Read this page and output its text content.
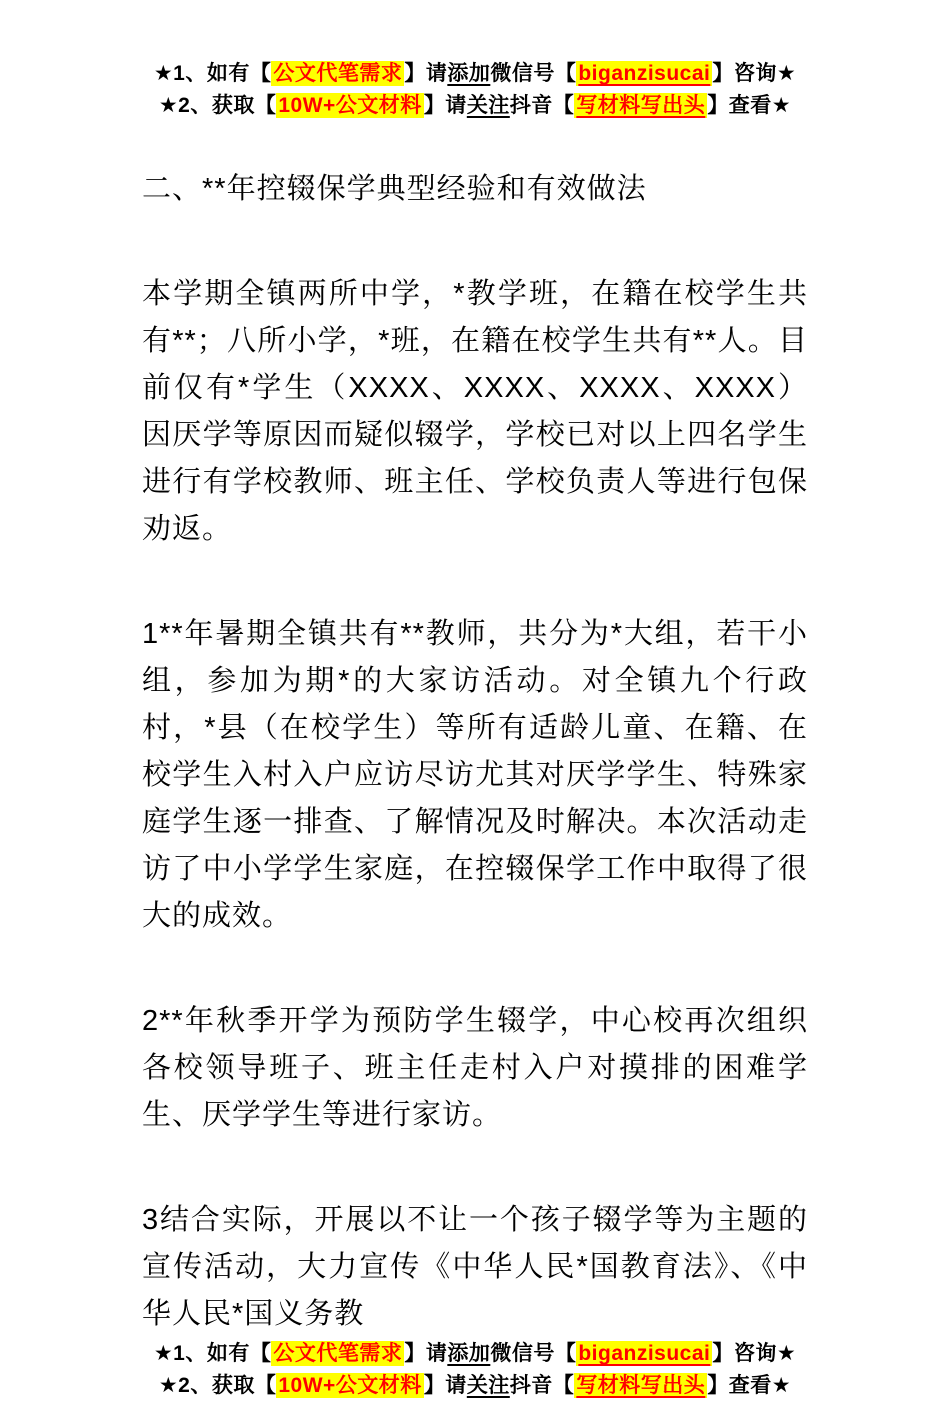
★1、如有【公文代笔需求】请添加微信号【biganzisucai】咨询★
★2、获取【10W+公文材料】请关注抖音【写材料写出头】查看★
二、**年控辍保学典型经验和有效做法

本学期全镇两所中学，*教学班，在籍在校学生共有**；八所小学，*班，在籍在校学生共有**人。目前仅有*学生（XXXX、XXXX、XXXX、XXXX）因厌学等原因而疑似辍学，学校已对以上四名学生进行有学校教师、班主任、学校负责人等进行包保劝返。

1**年暑期全镇共有**教师，共分为*大组，若干小组，参加为期*的大家访活动。对全镇九个行政村，*县（在校学生）等所有适龄儿童、在籍、在校学生入村入户应访尽访尤其对厌学学生、特殊家庭学生逐一排查、了解情况及时解决。本次活动走访了中小学学生家庭，在控辍保学工作中取得了很大的成效。

2**年秋季开学为预防学生辍学，中心校再次组织各校领导班子、班主任走村入户对摸排的困难学生、厌学学生等进行家访。

3结合实际，开展以不让一个孩子辍学等为主题的宣传活动，大力宣传《中华人民*国教育法》、《中华人民*国义务教

★1、如有【公文代笔需求】请添加微信号【biganzisucai】咨询★
★2、获取【10W+公文材料】请关注抖音【写材料写出头】查看★
